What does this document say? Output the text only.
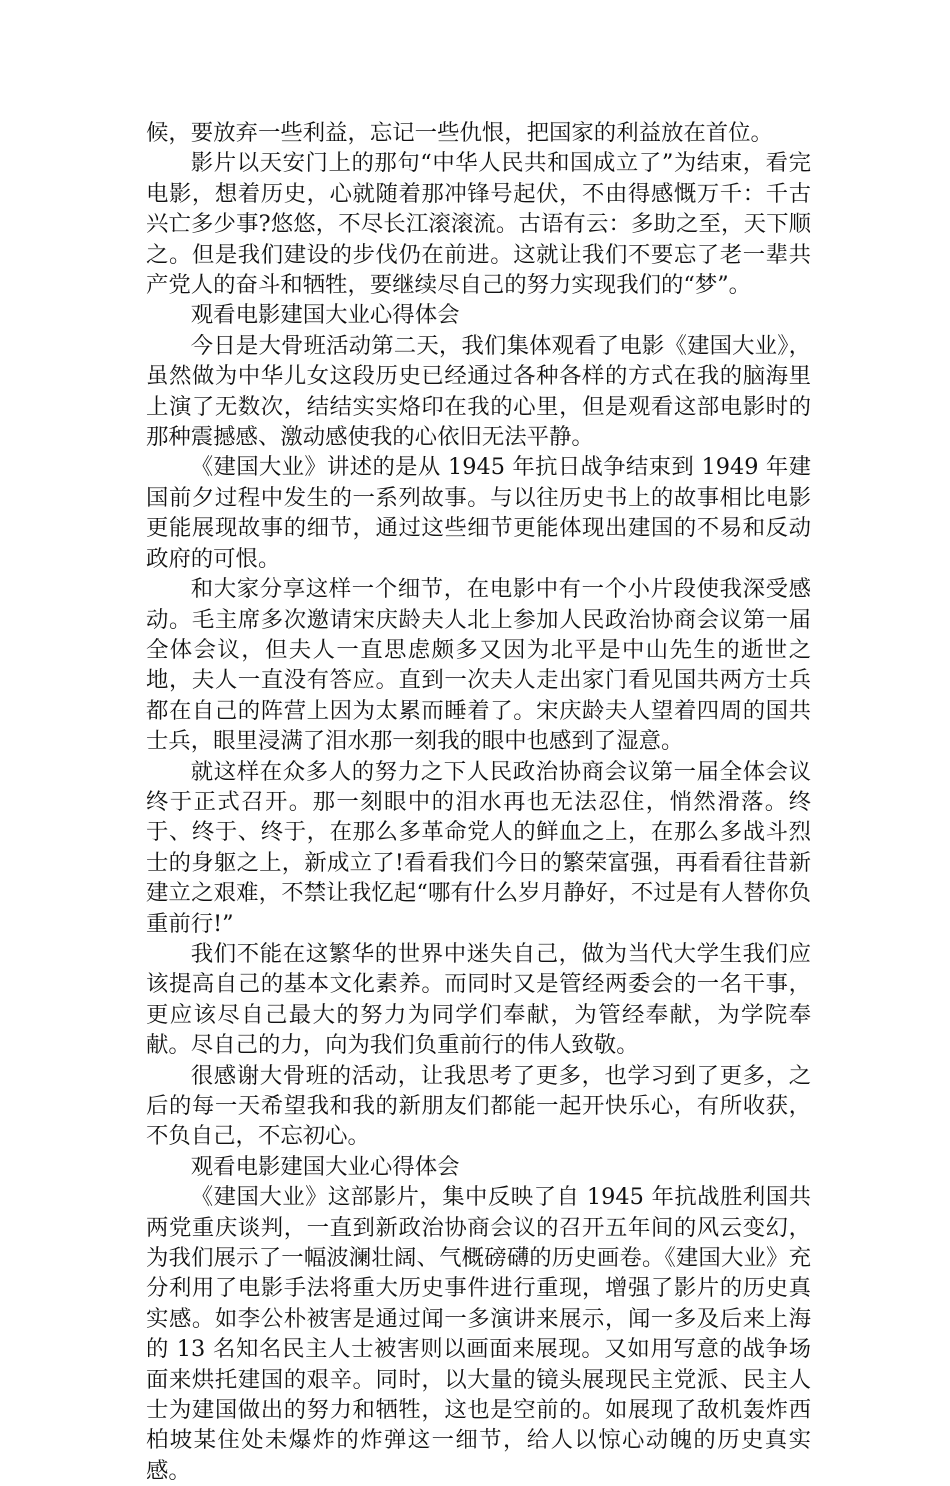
候，要放弃一些利益，忘记一些仇恨，把国家的利益放在首位。

影片以天安门上的那句“中华人民共和国成立了”为结束，看完电影，想着历史，心就随着那冲锋号起伏，不由得感慨万千：千古兴亡多少事?悠悠，不尽长江滚滚流。古语有云：多助之至，天下顺之。但是我们建设的步伐仍在前进。这就让我们不要忘了老一辈共产党人的奋斗和牺牲，要继续尽自己的努力实现我们的“梦”。

观看电影建国大业心得体会

今日是大骨班活动第二天，我们集体观看了电影《建国大业》，虽然做为中华儿女这段历史已经通过各种各样的方式在我的脑海里上演了无数次，结结实实烙印在我的心里，但是观看这部电影时的那种震撼感、激动感使我的心依旧无法平静。

《建国大业》讲述的是从 1945 年抗日战争结束到 1949 年建国前夕过程中发生的一系列故事。与以往历史书上的故事相比电影更能展现故事的细节，通过这些细节更能体现出建国的不易和反动政府的可恨。

和大家分享这样一个细节，在电影中有一个小片段使我深受感动。毛主席多次邀请宋庆龄夫人北上参加人民政治协商会议第一届全体会议，但夫人一直思虑颇多又因为北平是中山先生的逝世之地，夫人一直没有答应。直到一次夫人走出家门看见国共两方士兵都在自己的阵营上因为太累而睡着了。宋庆龄夫人望着四周的国共士兵，眼里浸满了泪水那一刻我的眼中也感到了湿意。

就这样在众多人的努力之下人民政治协商会议第一届全体会议终于正式召开。那一刻眼中的泪水再也无法忍住，悄然滑落。终于、终于、终于，在那么多革命党人的鲜血之上，在那么多战斗烈士的身躯之上，新成立了!看看我们今日的繁荣富强，再看看往昔新建立之艰难，不禁让我忆起“哪有什么岁月静好，不过是有人替你负重前行!”

我们不能在这繁华的世界中迷失自己，做为当代大学生我们应该提高自己的基本文化素养。而同时又是管经两委会的一名干事，更应该尽自己最大的努力为同学们奉献，为管经奉献，为学院奉献。尽自己的力，向为我们负重前行的伟人致敬。

很感谢大骨班的活动，让我思考了更多，也学习到了更多，之后的每一天希望我和我的新朋友们都能一起开快乐心，有所收获，不负自己，不忘初心。

观看电影建国大业心得体会

《建国大业》这部影片，集中反映了自 1945 年抗战胜利国共两党重庆谈判，一直到新政治协商会议的召开五年间的风云变幻，为我们展示了一幅波澜壮阔、气概磅礴的历史画卷。《建国大业》充分利用了电影手法将重大历史事件进行重现，增强了影片的历史真实感。如李公朴被害是通过闻一多演讲来展示，闻一多及后来上海的 13 名知名民主人士被害则以画面来展现。又如用写意的战争场面来烘托建国的艰辛。同时，以大量的镜头展现民主党派、民主人士为建国做出的努力和牺牲，这也是空前的。如展现了敌机轰炸西柏坡某住处未爆炸的炸弹这一细节，给人以惊心动魄的历史真实感。
